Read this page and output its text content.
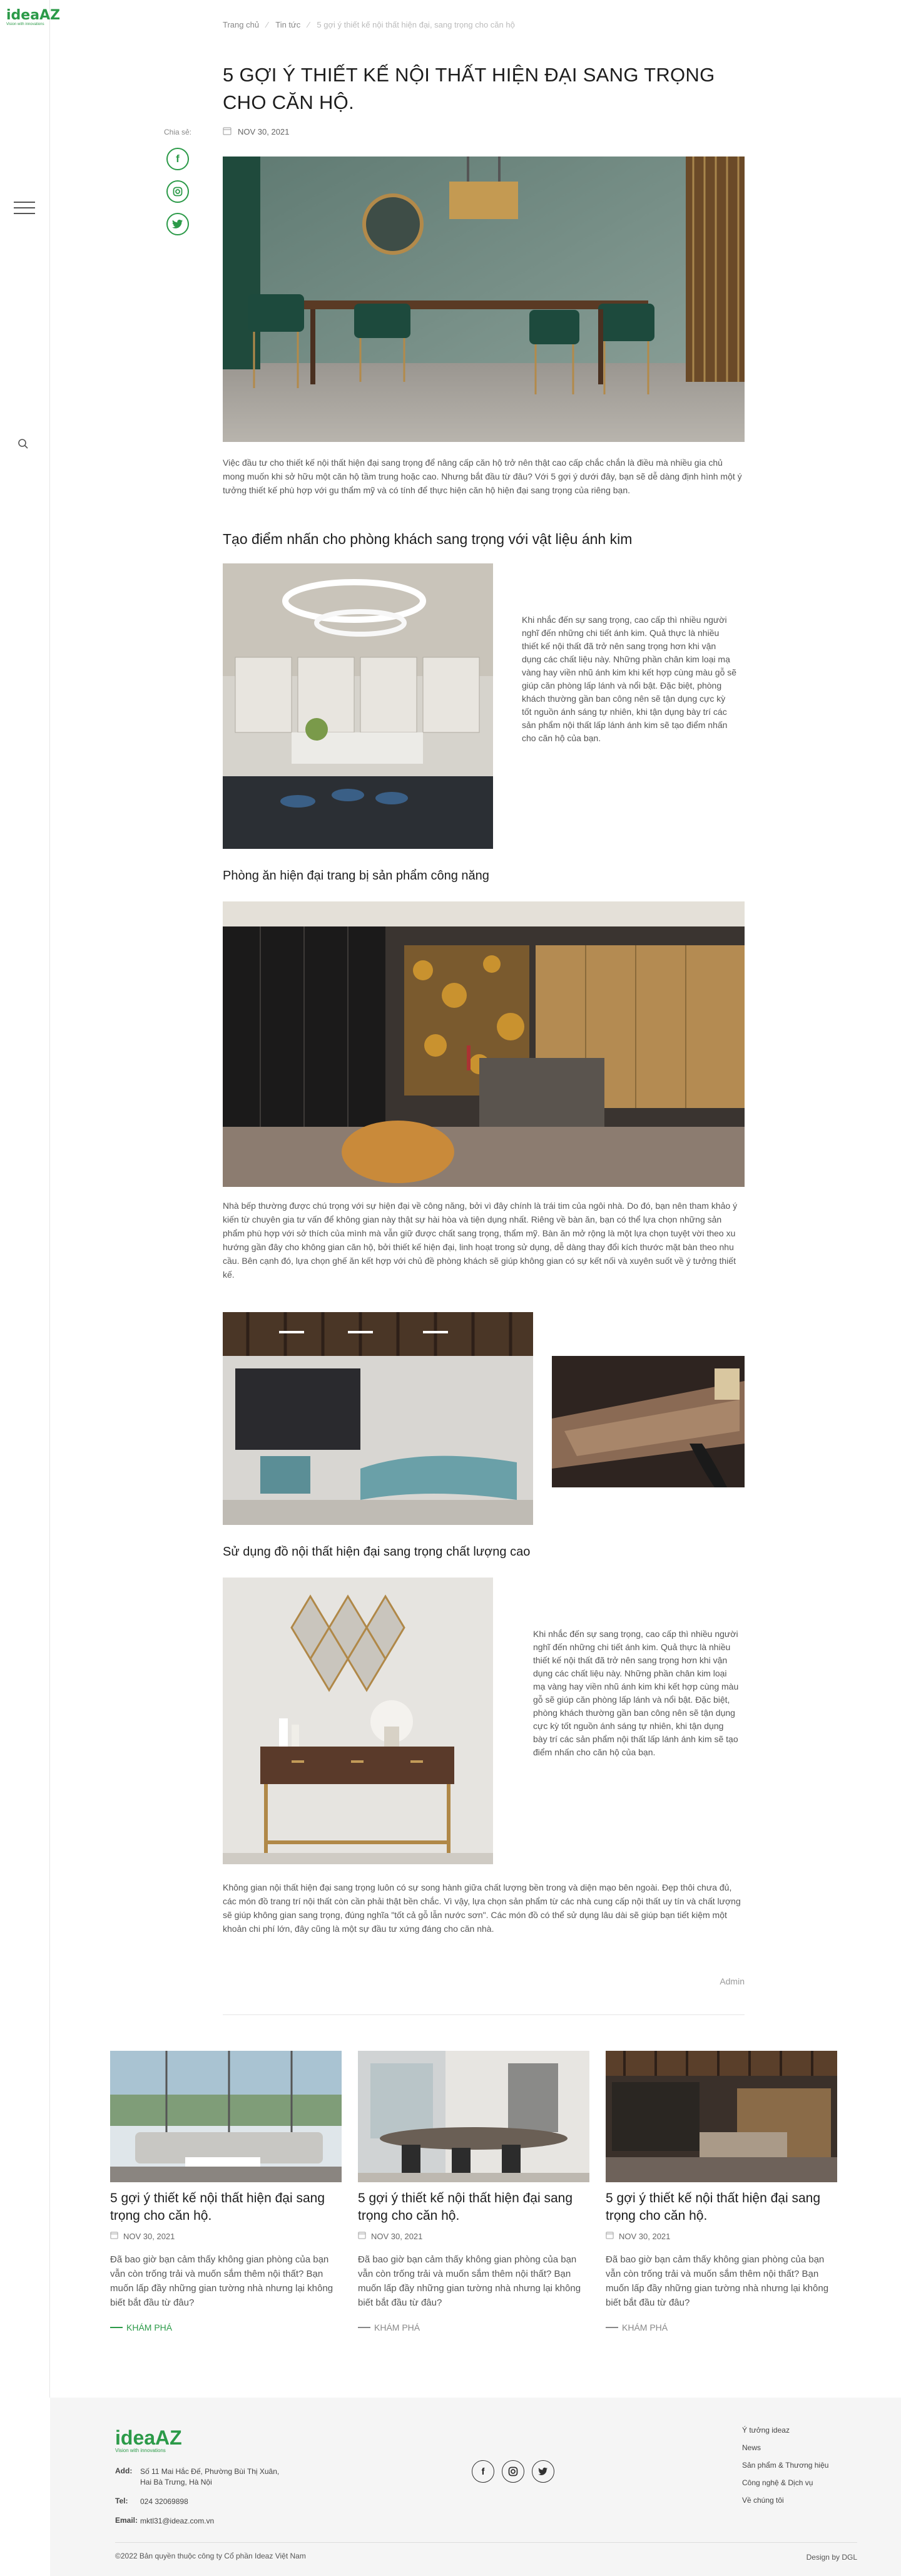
ideaAZ
Vision with innovations
Chia sẻ:
f
Trang chủ ⁄ Tin tức ⁄ 5 gợi ý thiết kế nội thất hiện đại, sang trọng cho căn hộ
5 GỢI Ý THIẾT KẾ NỘI THẤT HIỆN ĐẠI SANG TRỌNG CHO CĂN HỘ.
NOV 30, 2021

Việc đầu tư cho thiết kế nội thất hiện đại sang trọng để nâng cấp căn hộ trở nên thật cao cấp chắc chắn là điều mà nhiều gia chủ mong muốn khi sở hữu một căn hộ tầm trung hoặc cao. Nhưng bắt đầu từ đâu? Với 5 gợi ý dưới đây, bạn sẽ dễ dàng định hình một ý tưởng thiết kế phù hợp với gu thẩm mỹ và có tính để thực hiện căn hộ hiện đại sang trọng của riêng bạn.

Tạo điểm nhấn cho phòng khách sang trọng với vật liệu ánh kim

Khi nhắc đến sự sang trọng, cao cấp thì nhiều người nghĩ đến những chi tiết ánh kim. Quả thực là nhiều thiết kế nội thất đã trở nên sang trọng hơn khi vận dụng các chất liệu này. Những phần chân kim loại mạ vàng hay viền nhũ ánh kim khi kết hợp cùng màu gỗ sẽ giúp căn phòng lấp lánh và nổi bật. Đặc biệt, phòng khách thường gần ban công nên sẽ tận dụng cực kỳ tốt nguồn ánh sáng tự nhiên, khi tận dụng bày trí các sản phẩm nội thất lấp lánh ánh kim sẽ tạo điểm nhấn cho căn hộ của bạn.

Phòng ăn hiện đại trang bị sản phẩm công năng

Nhà bếp thường được chú trọng với sự hiện đại về công năng, bởi vì đây chính là trái tim của ngôi nhà. Do đó, bạn nên tham khảo ý kiến từ chuyên gia tư vấn để không gian này thật sự hài hòa và tiện dụng nhất. Riêng về bàn ăn, bạn có thể lựa chọn những sản phẩm phù hợp với sở thích của mình mà vẫn giữ được chất sang trọng, thẩm mỹ. Bàn ăn mở rộng là một lựa chọn tuyệt vời theo xu hướng gần đây cho không gian căn hộ, bởi thiết kế hiện đại, linh hoạt trong sử dụng, dễ dàng thay đổi kích thước mặt bàn theo nhu cầu. Bên cạnh đó, lựa chọn ghế ăn kết hợp với chủ đề phòng khách sẽ giúp không gian có sự kết nối và xuyên suốt về ý tưởng thiết kế.

Sử dụng đồ nội thất hiện đại sang trọng chất lượng cao

Khi nhắc đến sự sang trọng, cao cấp thì nhiều người nghĩ đến những chi tiết ánh kim. Quả thực là nhiều thiết kế nội thất đã trở nên sang trọng hơn khi vận dụng các chất liệu này. Những phần chân kim loại mạ vàng hay viền nhũ ánh kim khi kết hợp cùng màu gỗ sẽ giúp căn phòng lấp lánh và nổi bật. Đặc biệt, phòng khách thường gần ban công nên sẽ tận dụng cực kỳ tốt nguồn ánh sáng tự nhiên, khi tận dụng bày trí các sản phẩm nội thất lấp lánh ánh kim sẽ tạo điểm nhấn cho căn hộ của bạn.

Không gian nội thất hiện đại sang trọng luôn có sự song hành giữa chất lượng bền trong và diện mạo bên ngoài. Đẹp thôi chưa đủ, các món đồ trang trí nội thất còn cần phải thật bền chắc. Vì vậy, lựa chọn sản phẩm từ các nhà cung cấp nội thất uy tín và chất lượng sẽ giúp không gian sang trọng, đúng nghĩa "tốt cả gỗ lẫn nước sơn". Các món đồ có thể sử dụng lâu dài sẽ giúp bạn tiết kiệm một khoản chi phí lớn, đây cũng là một sự đầu tư xứng đáng cho căn nhà.

Admin
5 gợi ý thiết kế nội thất hiện đại sang trọng cho căn hộ.
NOV 30, 2021
Đã bao giờ bạn cảm thấy không gian phòng của bạn vẫn còn trống trải và muốn sắm thêm nội thất? Bạn muốn lấp đầy những gian tường nhà nhưng lại không biết bắt đầu từ đâu?
KHÁM PHÁ
5 gợi ý thiết kế nội thất hiện đại sang trọng cho căn hộ.
NOV 30, 2021
Đã bao giờ bạn cảm thấy không gian phòng của bạn vẫn còn trống trải và muốn sắm thêm nội thất? Bạn muốn lấp đầy những gian tường nhà nhưng lại không biết bắt đầu từ đâu?
KHÁM PHÁ
5 gợi ý thiết kế nội thất hiện đại sang trọng cho căn hộ.
NOV 30, 2021
Đã bao giờ bạn cảm thấy không gian phòng của bạn vẫn còn trống trải và muốn sắm thêm nội thất? Bạn muốn lấp đầy những gian tường nhà nhưng lại không biết bắt đầu từ đâu?
KHÁM PHÁ
ideaAZ
Vision with innovations
Add:	Số 11 Mai Hắc Đế, Phường Bùi Thị Xuân,
Hai Bà Trưng, Hà Nội
Tel:	024 32069898
Email: mktl31@ideaz.com.vn
f
Ý tưởng ideaz
News
Sản phẩm & Thương hiệu
Công nghệ & Dịch vụ
Về chúng tôi
©2022 Bản quyền thuộc công ty Cổ phần Ideaz Việt Nam	Design by DGL
